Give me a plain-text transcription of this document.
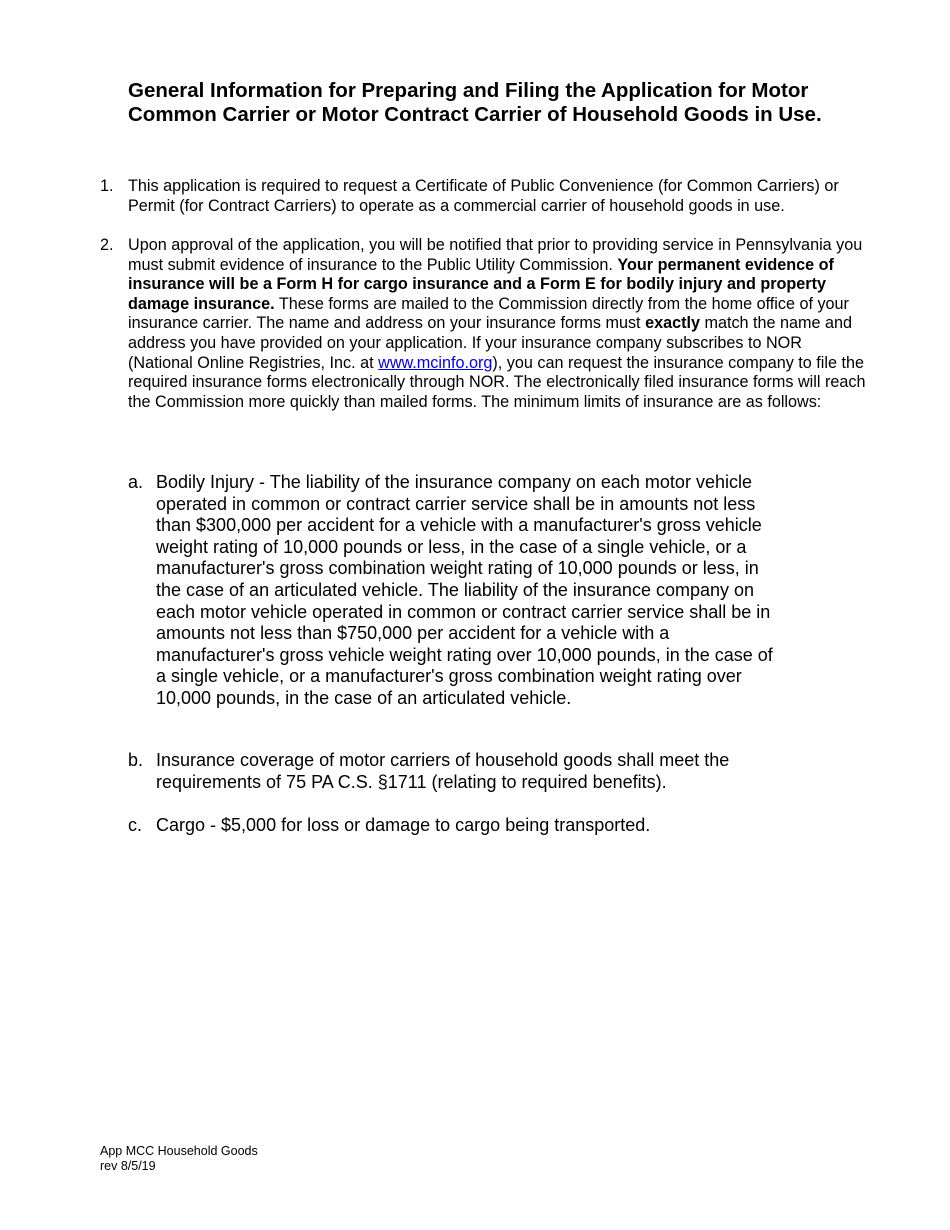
General Information for Preparing and Filing the Application for Motor
Common Carrier or Motor Contract Carrier of Household Goods in Use.
1. This application is required to request a Certificate of Public Convenience (for Common Carriers) or Permit (for Contract Carriers) to operate as a commercial carrier of household goods in use.
2. Upon approval of the application, you will be notified that prior to providing service in Pennsylvania you must submit evidence of insurance to the Public Utility Commission. Your permanent evidence of insurance will be a Form H for cargo insurance and a Form E for bodily injury and property damage insurance. These forms are mailed to the Commission directly from the home office of your insurance carrier. The name and address on your insurance forms must exactly match the name and address you have provided on your application. If your insurance company subscribes to NOR (National Online Registries, Inc. at www.mcinfo.org), you can request the insurance company to file the required insurance forms electronically through NOR. The electronically filed insurance forms will reach the Commission more quickly than mailed forms. The minimum limits of insurance are as follows:
a. Bodily Injury - The liability of the insurance company on each motor vehicle operated in common or contract carrier service shall be in amounts not less than $300,000 per accident for a vehicle with a manufacturer's gross vehicle weight rating of 10,000 pounds or less, in the case of a single vehicle, or a manufacturer's gross combination weight rating of 10,000 pounds or less, in the case of an articulated vehicle. The liability of the insurance company on each motor vehicle operated in common or contract carrier service shall be in amounts not less than $750,000 per accident for a vehicle with a manufacturer's gross vehicle weight rating over 10,000 pounds, in the case of a single vehicle, or a manufacturer's gross combination weight rating over 10,000 pounds, in the case of an articulated vehicle.
b. Insurance coverage of motor carriers of household goods shall meet the requirements of 75 PA C.S. §1711 (relating to required benefits).
c. Cargo - $5,000 for loss or damage to cargo being transported.
App MCC Household Goods
rev 8/5/19
